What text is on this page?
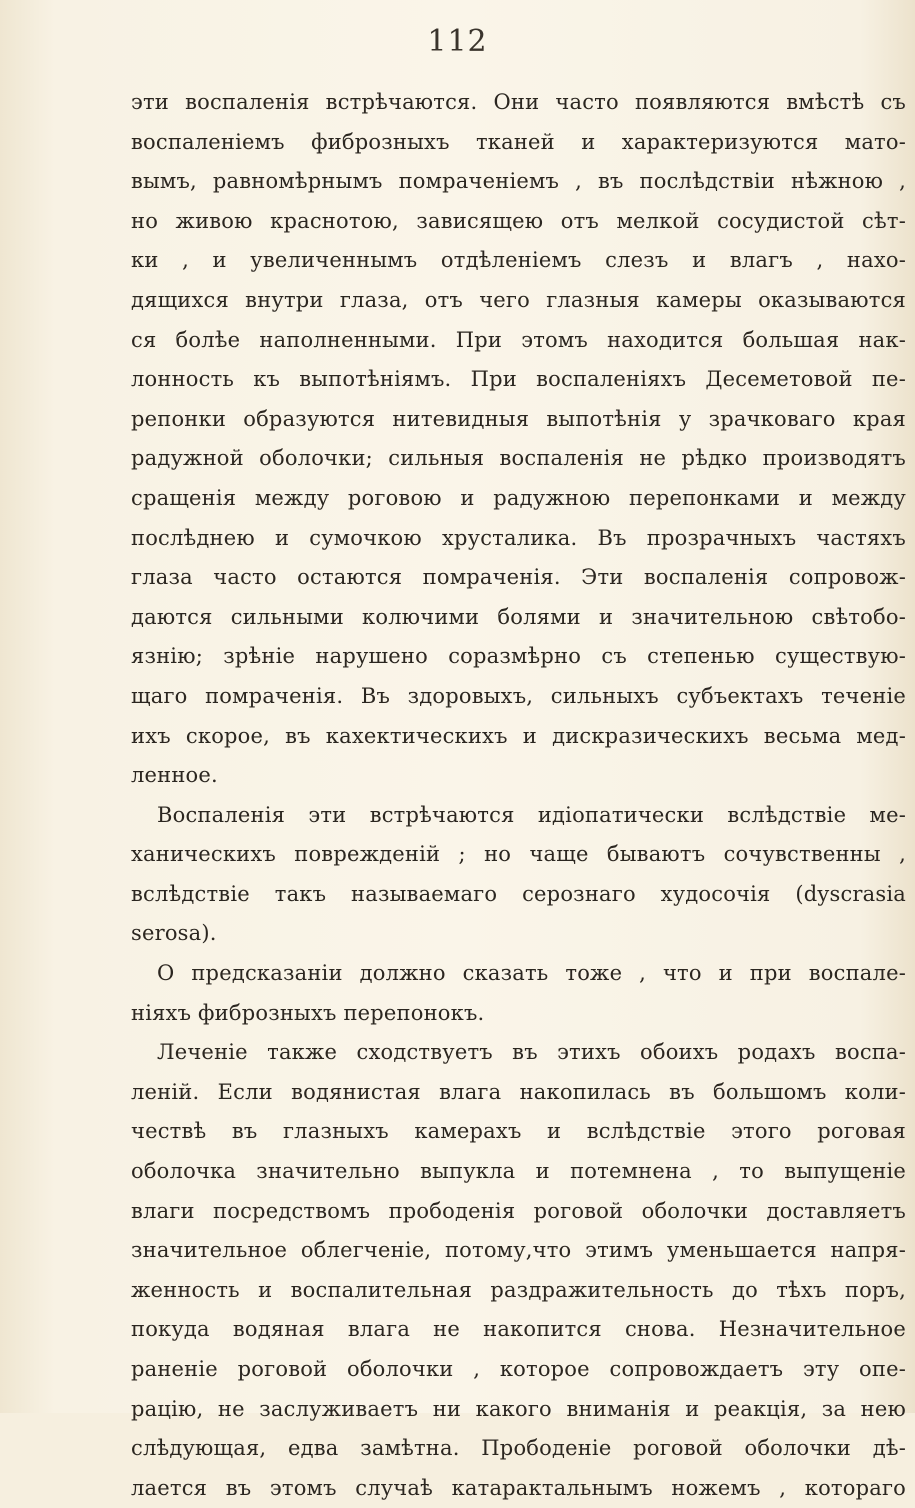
112
эти воспаленія встрѣчаются. Они часто появляются вмѣстѣ съ
воспаленіемъ фиброзныхъ тканей и характеризуются мато-
вымъ, равномѣрнымъ помраченіемъ , въ послѣдствіи нѣжною ,
но живою краснотою, зависящею отъ мелкой сосудистой сѣт-
ки , и увеличеннымъ отдѣленіемъ слезъ и влагъ , нахо-
дящихся внутри глаза, отъ чего глазныя камеры оказываются
ся болѣе наполненными. При этомъ находится большая нак-
лонность къ выпотѣніямъ. При воспаленіяхъ Десеметовой пе-
репонки образуются нитевидныя выпотѣнія у зрачковаго края
радужной оболочки; сильныя воспаленія не рѣдко производятъ
сращенія между роговою и радужною перепонками и между
послѣднею и сумочкою хрусталика. Въ прозрачныхъ частяхъ
глаза часто остаются помраченія. Эти воспаленія сопровож-
даются сильными колючими болями и значительною свѣтобо-
язнію; зрѣніе нарушено соразмѣрно съ степенью существую-
щаго помраченія. Въ здоровыхъ, сильныхъ субъектахъ теченіе
ихъ скорое, въ кахектическихъ и дискразическихъ весьма мед-
ленное.
Воспаленія эти встрѣчаются идіопатически вслѣдствіе ме-
ханическихъ поврежденій ; но чаще бываютъ сочувственны ,
вслѣдствіе такъ называемаго серознаго худосочія (dyscrasia
serosa).
О предсказаніи должно сказать тоже , что и при воспале-
ніяхъ фиброзныхъ перепонокъ.
Леченіе также сходствуетъ въ этихъ обоихъ родахъ воспа-
леній. Если водянистая влага накопилась въ большомъ коли-
чествѣ въ глазныхъ камерахъ и вслѣдствіе этого роговая
оболочка значительно выпукла и потемнена , то выпущеніе
влаги посредствомъ прободенія роговой оболочки доставляетъ
значительное облегченіе, потому,что этимъ уменьшается напря-
женность и воспалительная раздражительность до тѣхъ поръ,
покуда водяная влага не накопится снова. Незначительное
раненіе роговой оболочки , которое сопровождаетъ эту опе-
рацію, не заслуживаетъ ни какого вниманія и реакція, за нею
слѣдующая, едва замѣтна. Прободеніе роговой оболочки дѣ-
лается въ этомъ случаѣ катарактальнымъ ножемъ , котораго
